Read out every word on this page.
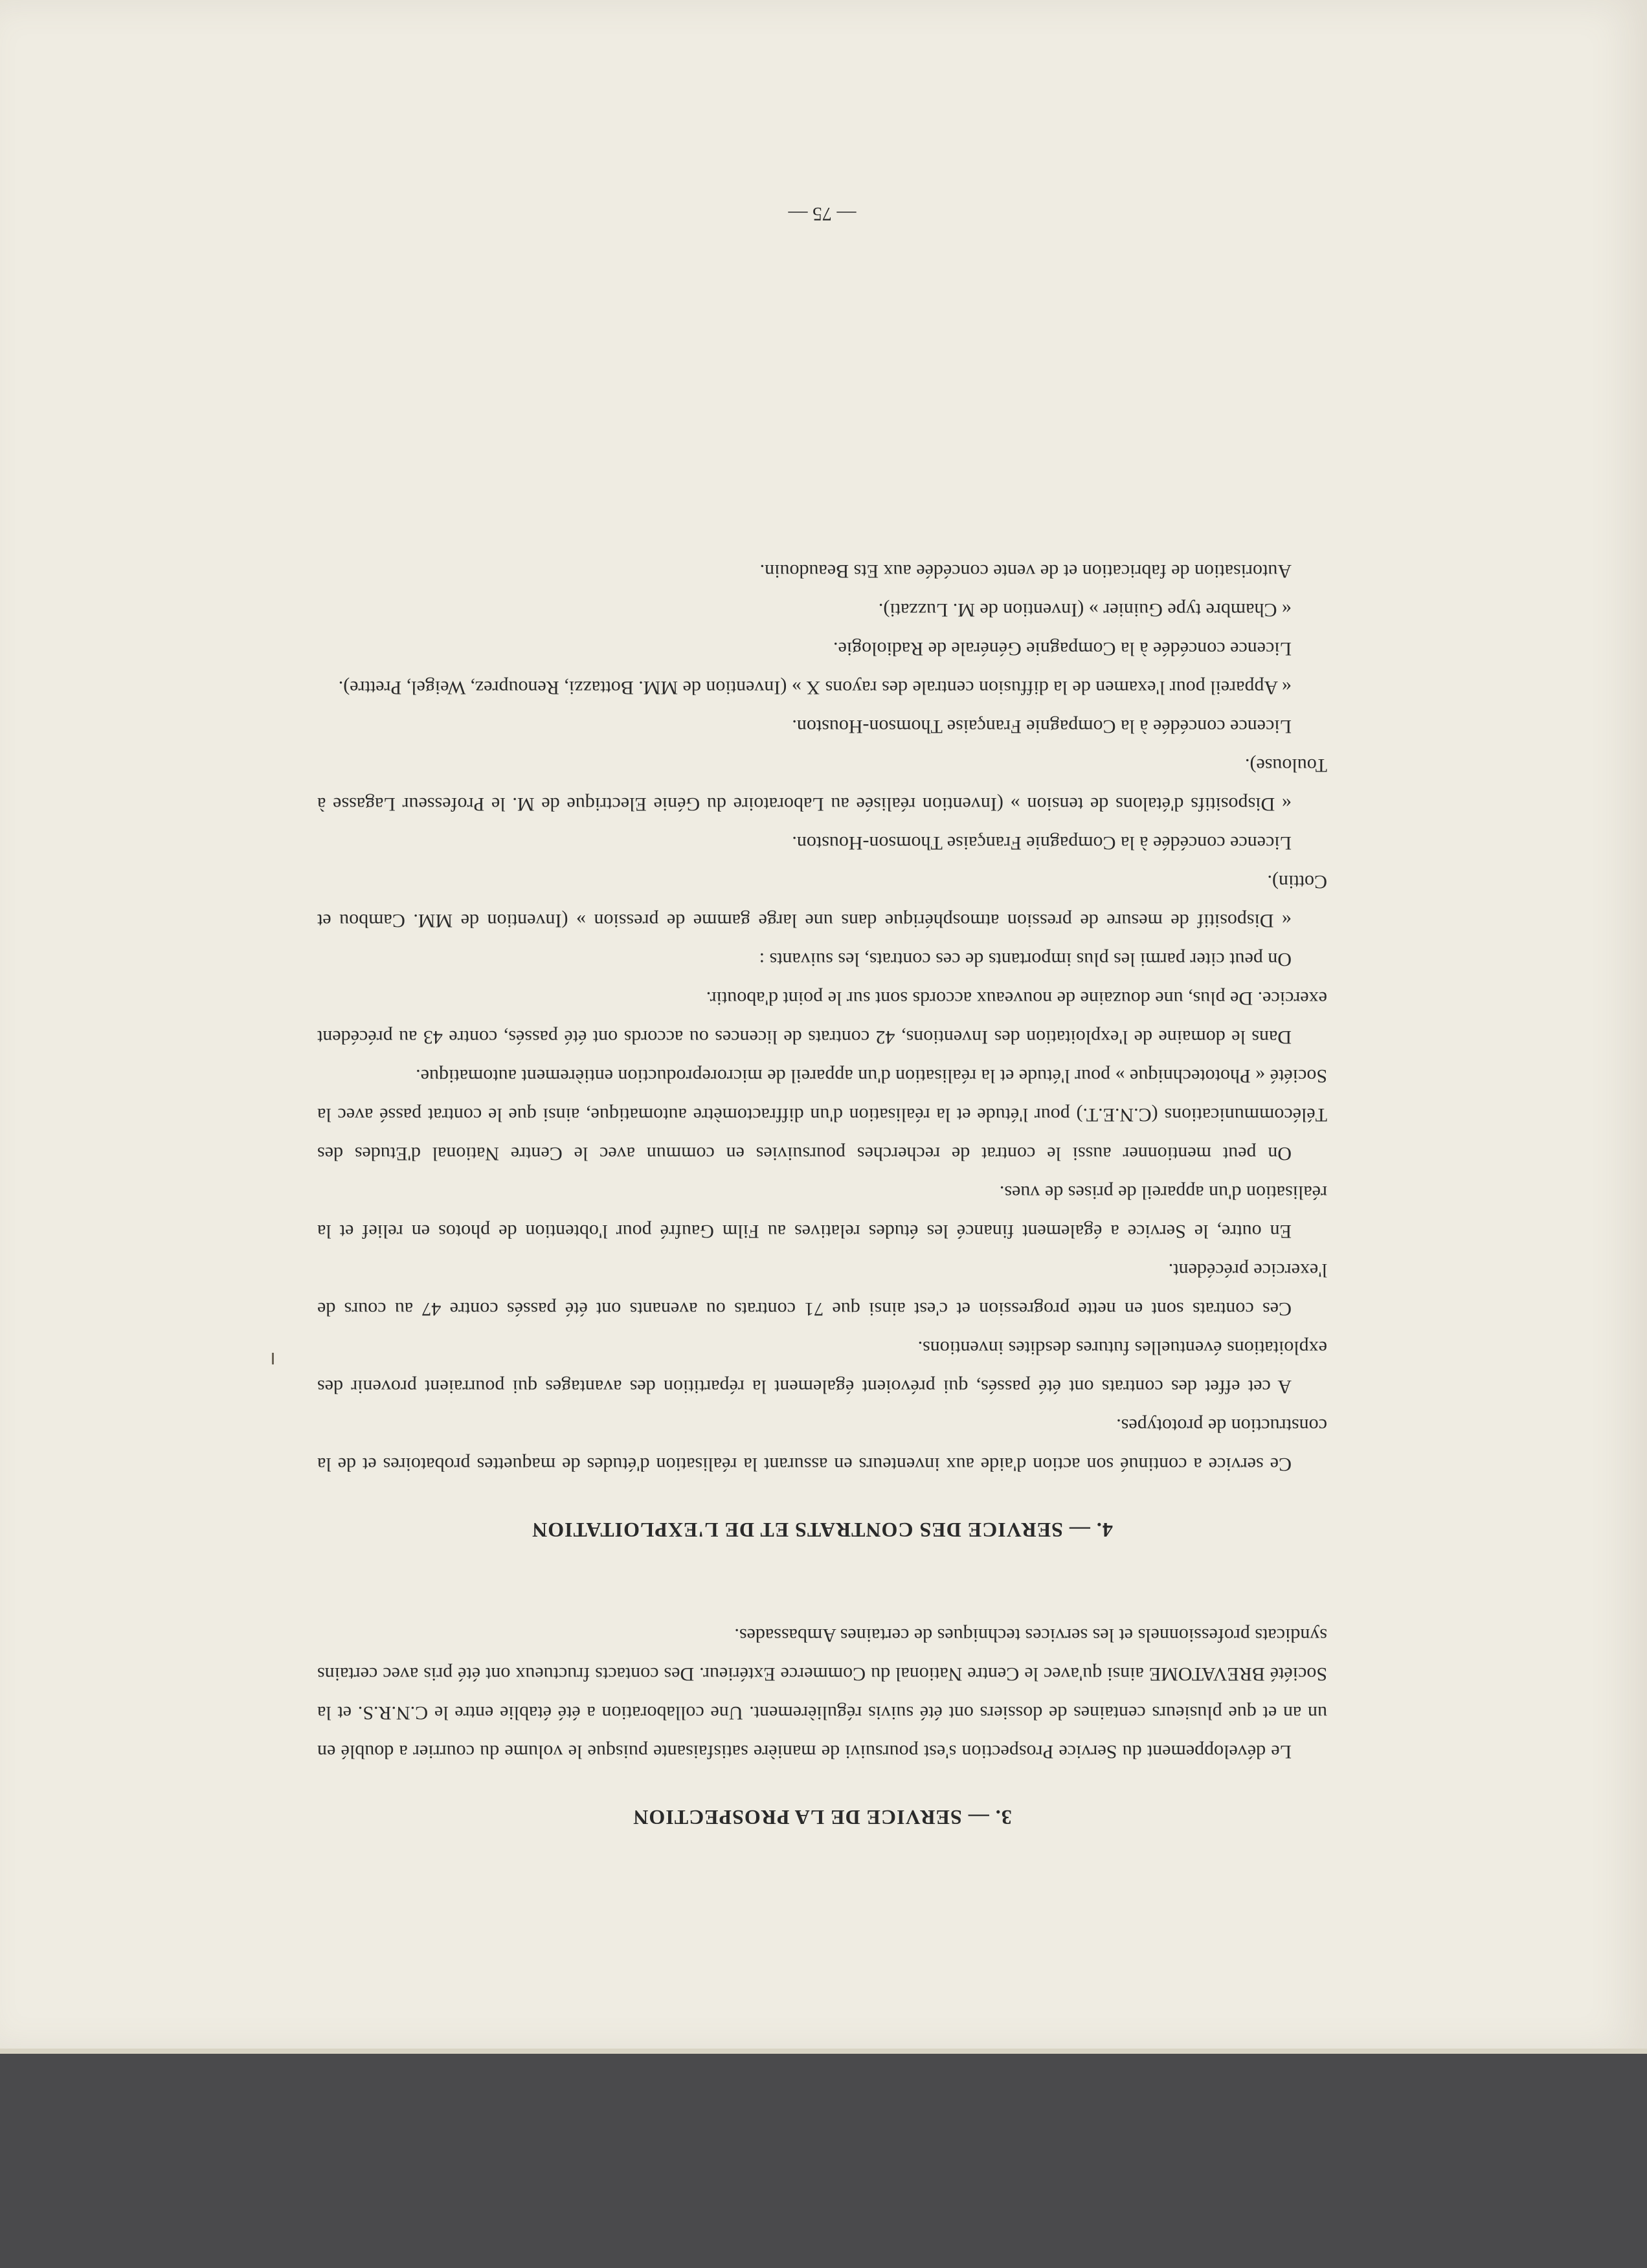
3. — SERVICE DE LA PROSPECTION

Le développement du Service Prospection s'est poursuivi de manière satisfaisante puisque le volume du courrier a doublé en un an et que plusieurs centaines de dossiers ont été suivis régulièrement. Une collaboration a été établie entre le C.N.R.S. et la Société BREVATOME ainsi qu'avec le Centre National du Commerce Extérieur. Des contacts fructueux ont été pris avec certains syndicats professionnels et les services techniques de certaines Ambassades.

4. — SERVICE DES CONTRATS ET DE L'EXPLOITATION

Ce service a continué son action d'aide aux inventeurs en assurant la réalisation d'études de maquettes probatoires et de la construction de prototypes.

A cet effet des contrats ont été passés, qui prévoient également la répartition des avantages qui pourraient provenir des exploitations éventuelles futures desdites inventions.

Ces contrats sont en nette progression et c'est ainsi que 71 contrats ou avenants ont été passés contre 47 au cours de l'exercice précédent.

En outre, le Service a également financé les études relatives au Film Gaufré pour l'obtention de photos en relief et la réalisation d'un appareil de prises de vues.

On peut mentionner aussi le contrat de recherches poursuivies en commun avec le Centre National d'Etudes des Télécommunications (C.N.E.T.) pour l'étude et la réalisation d'un diffractomètre automatique, ainsi que le contrat passé avec la Société « Phototechnique » pour l'étude et la réalisation d'un appareil de microreproduction entièrement automatique.

Dans le domaine de l'exploitation des Inventions, 42 contrats de licences ou accords ont été passés, contre 43 au précédent exercice. De plus, une douzaine de nouveaux accords sont sur le point d'aboutir.

On peut citer parmi les plus importants de ces contrats, les suivants :

« Dispositif de mesure de pression atmosphérique dans une large gamme de pression » (Invention de MM. Cambou et Cottin).

Licence concédée à la Compagnie Française Thomson-Houston.

« Dispositifs d'étalons de tension » (Invention réalisée au Laboratoire du Génie Electrique de M. le Professeur Lagasse à Toulouse).

Licence concédée à la Compagnie Française Thomson-Houston.

« Appareil pour l'examen de la diffusion centrale des rayons X » (Invention de MM. Bottazzi, Renouprez, Weigel, Prettre).

Licence concédée à la Compagnie Générale de Radiologie.

« Chambre type Guinier » (Invention de M. Luzzati).

Autorisation de fabrication et de vente concédée aux Ets Beaudouin.

— 75 —
